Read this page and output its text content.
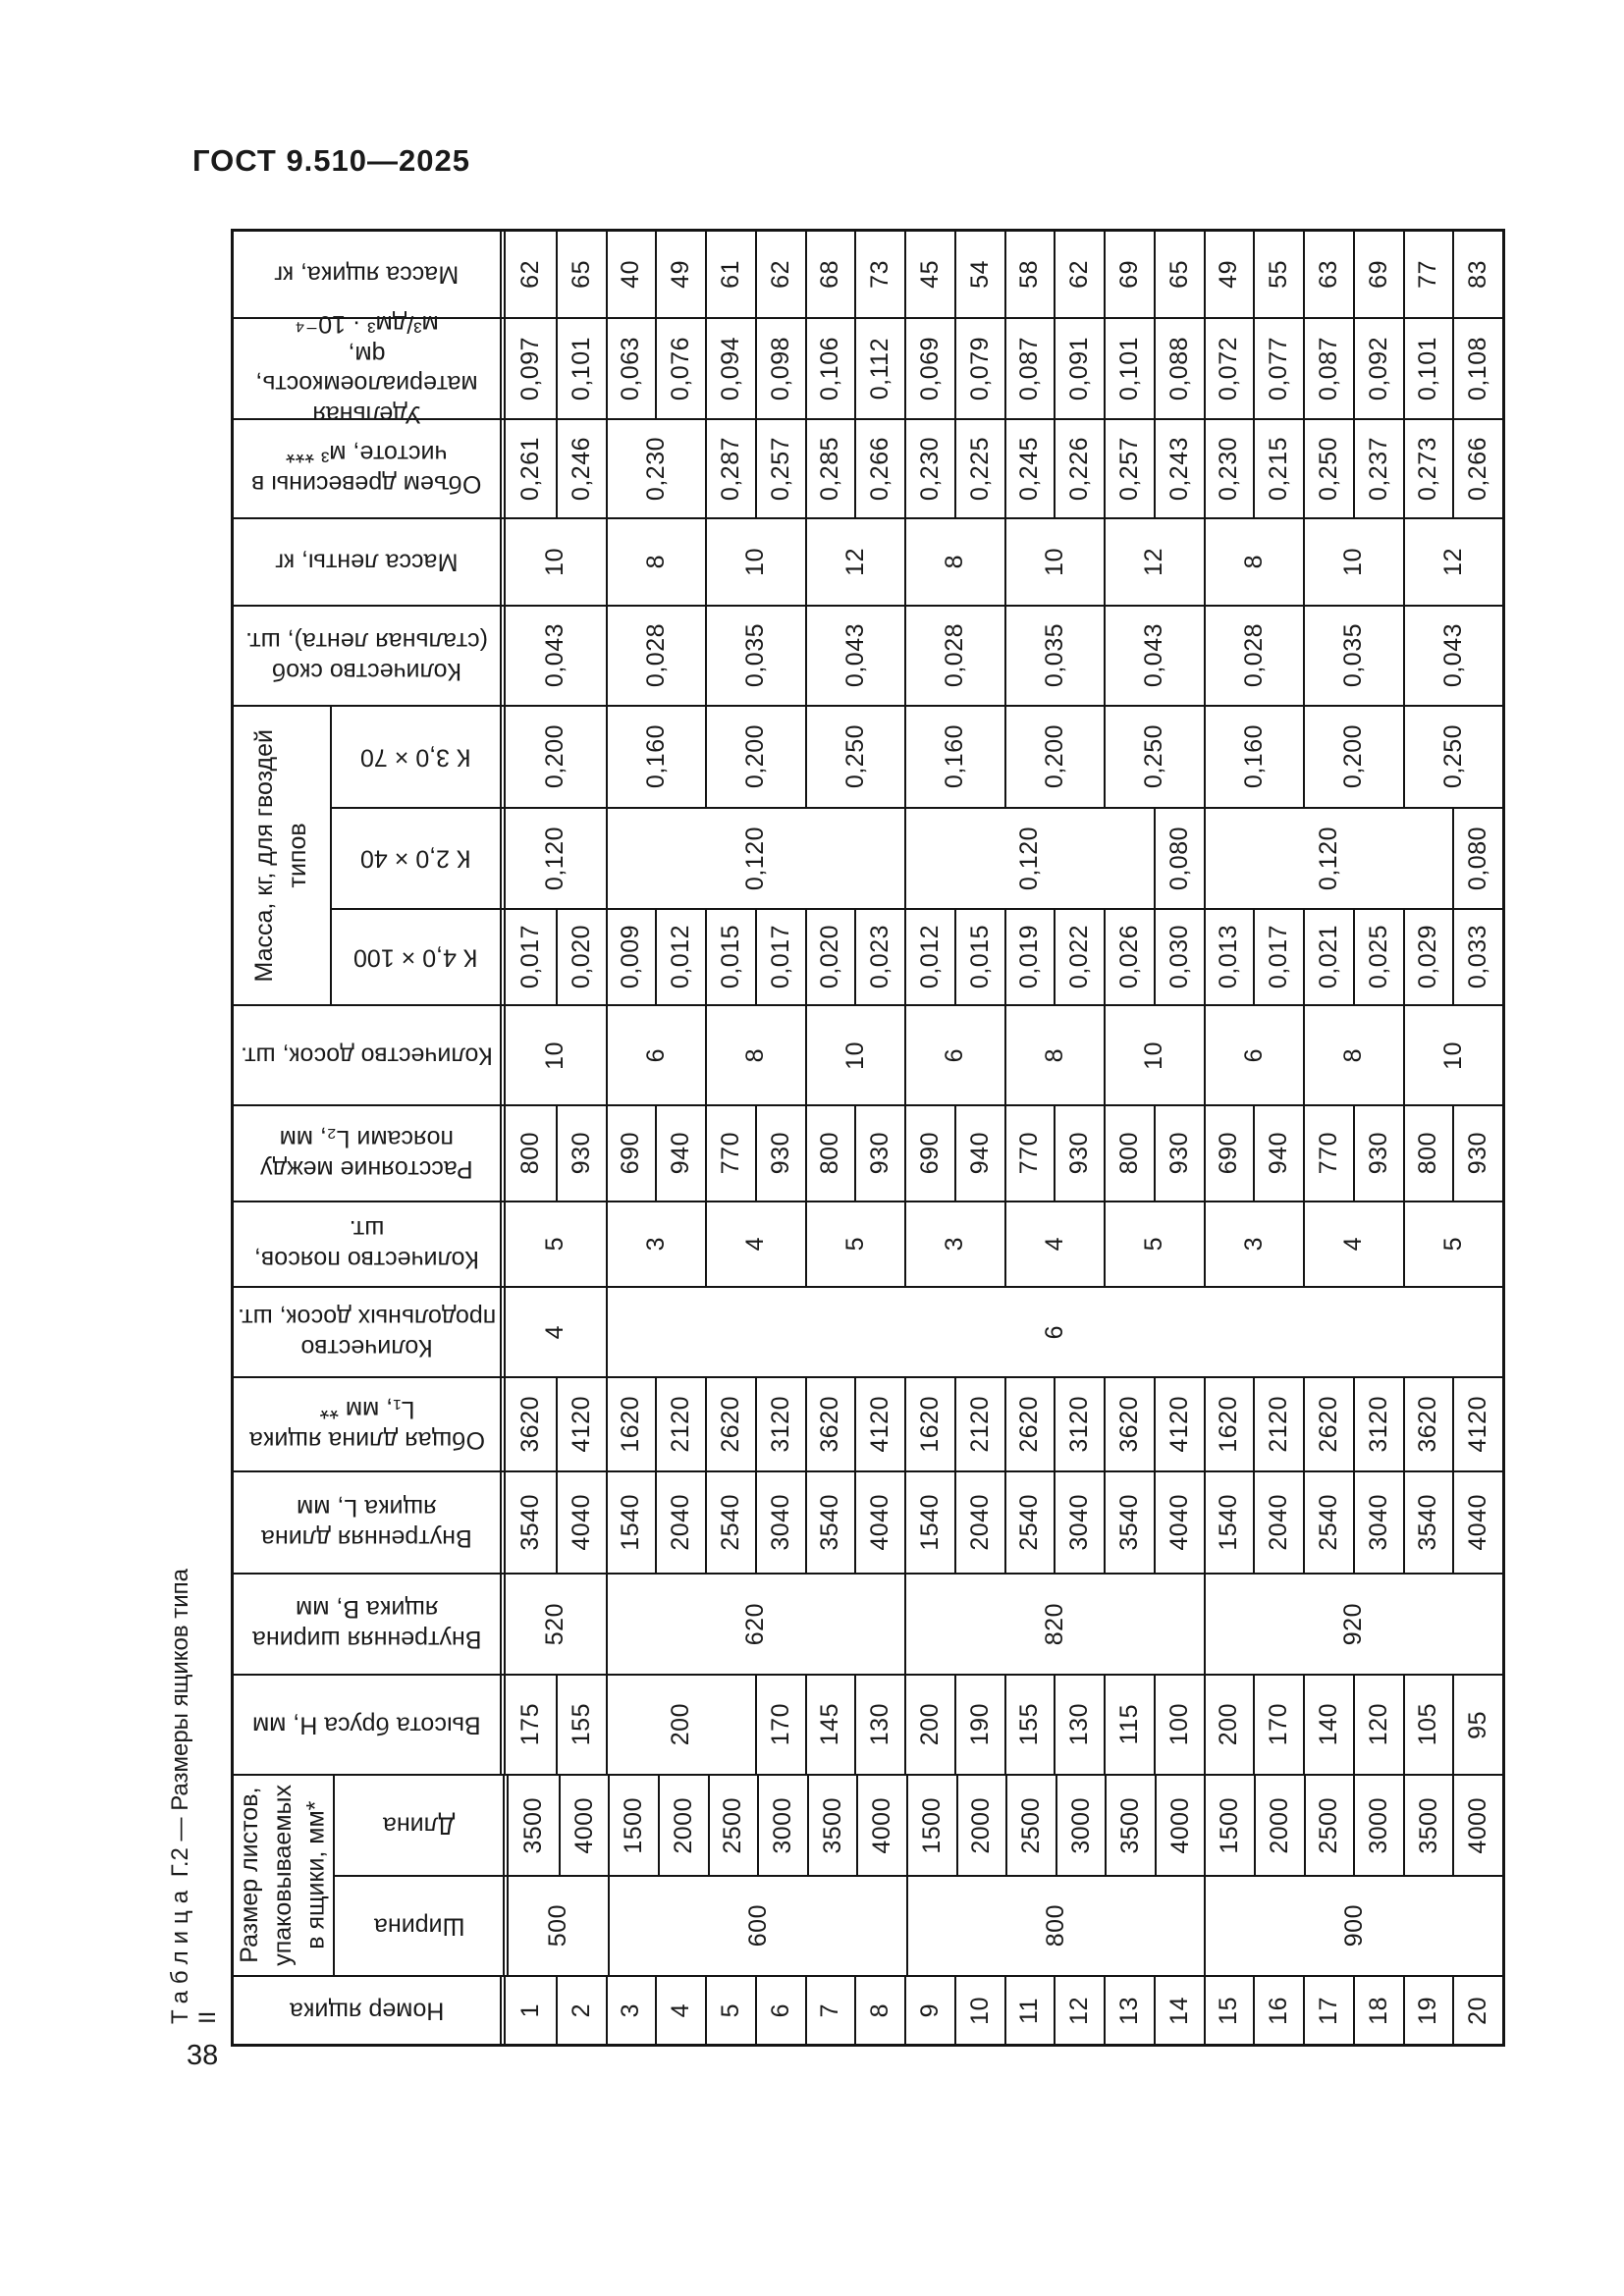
ГОСТ 9.510—2025
Таблица Г.2 — Размеры ящиков типа II
Масса ящика, кг 62 65 40 49 61 62 68 73 45 54 58 62 69 65 49 55 63 69 77 83
Удельная
материалоемкость, qм,
м³/дм³ · 10⁻⁴
0,097 0,101 0,063 0,076 0,094 0,098 0,106 0,112 0,069 0,079 0,087 0,091 0,101 0,088 0,072 0,077 0,087 0,092 0,101 0,108
Объем древесины в
чистоте, м³ ***	0,261 0,246 0,230 0,287 0,257 0,285 0,266 0,230 0,225 0,245 0,226 0,257 0,243 0,230 0,215 0,250 0,237 0,273 0,266
Масса ленты, кг	10	8	10	12	8	10	12	8	10	12
Количество скоб
(стальная лента), шт.	0,043	0,028	0,035	0,043	0,028	0,035	0,043	0,028	0,035	0,043
Масса, кг, для гвоздей
типов
К 3,0 × 70	0,200	0,160	0,200	0,250	0,160	0,200	0,250	0,160	0,200	0,250
К 2,0 × 40	0,120	0,120	0,120	0,080	0,120	0,080
К 4,0 × 100 0,017 0,020 0,009 0,012 0,015 0,017 0,020 0,023 0,012 0,015 0,019 0,022 0,026 0,030 0,013 0,017 0,021 0,025 0,029 0,033
Количество досок, шт. 10	6	8	10	6	8	10	6	8	10
Расстояние между
поясами L₂, мм	800 930 690 940 770 930 800 930 690 940 770 930 800 930 690 940 770 930 800 930
Количество поясов, шт.
5	3	4	5	3	4	5	3	4	5
Количество
продольных досок, шт.
4	6
Общая длина ящика
L₁, мм **	3620 4120 1620 2120 2620 3120 3620 4120 1620 2120 2620 3120 3620 4120 1620 2120 2620 3120 3620 4120
Внутренняя длина
ящика L, мм	3540 4040 1540 2040 2540 3040 3540 4040 1540 2040 2540 3040 3540 4040 1540 2040 2540 3040 3540 4040
Внутренняя ширина
ящика B, мм	520	620	820	920
Высота бруса H, мм 175 155	200	170 145 130 200 190 155 130 115 100 200 170 140 120 105 95
Размер листов,
упаковываемых
в ящики, мм* Длина	3500 4000 1500 2000 2500 3000 3500 4000 1500 2000 2500 3000 3500 4000 1500 2000 2500 3000 3500 4000
Ширина	500	600	800	900
Номер ящика	1 2 3 4 5 6 7 8 9 10 11 12 13 14 15 16 17 18 19 20
38
